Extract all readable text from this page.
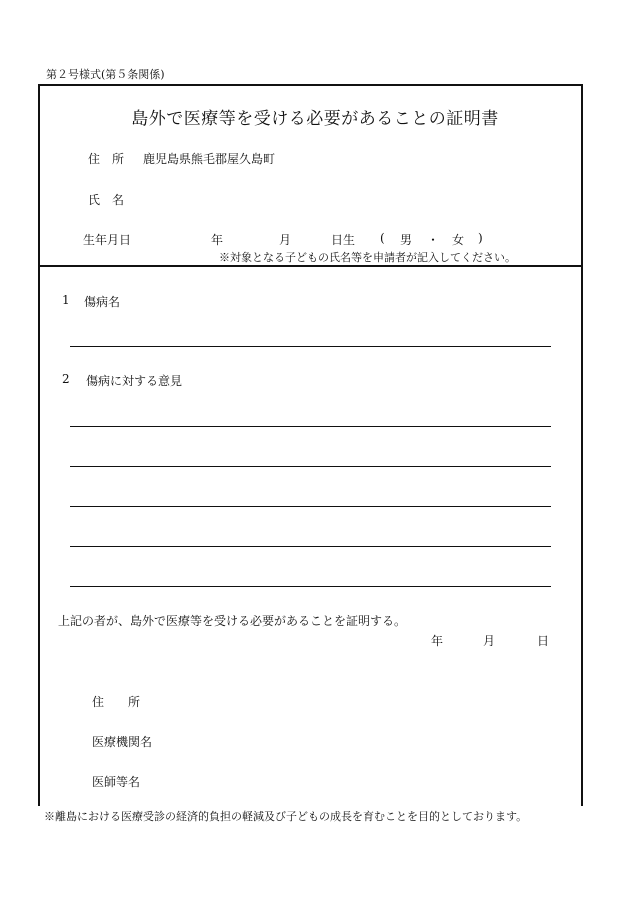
第２号様式(第５条関係)
島外で医療等を受ける必要があることの証明書
住　所 鹿児島県熊毛郡屋久島町
氏　名
生年月日	年	月	日生 ( 男 ・ 女 )
※対象となる子どもの氏名等を申請者が記入してください。
1 傷病名
2 傷病に対する意見
上記の者が、島外で医療等を受ける必要があることを証明する。
年	月	日
住　　所
医療機関名
医師等名
※離島における医療受診の経済的負担の軽減及び子どもの成長を育むことを目的としております。
